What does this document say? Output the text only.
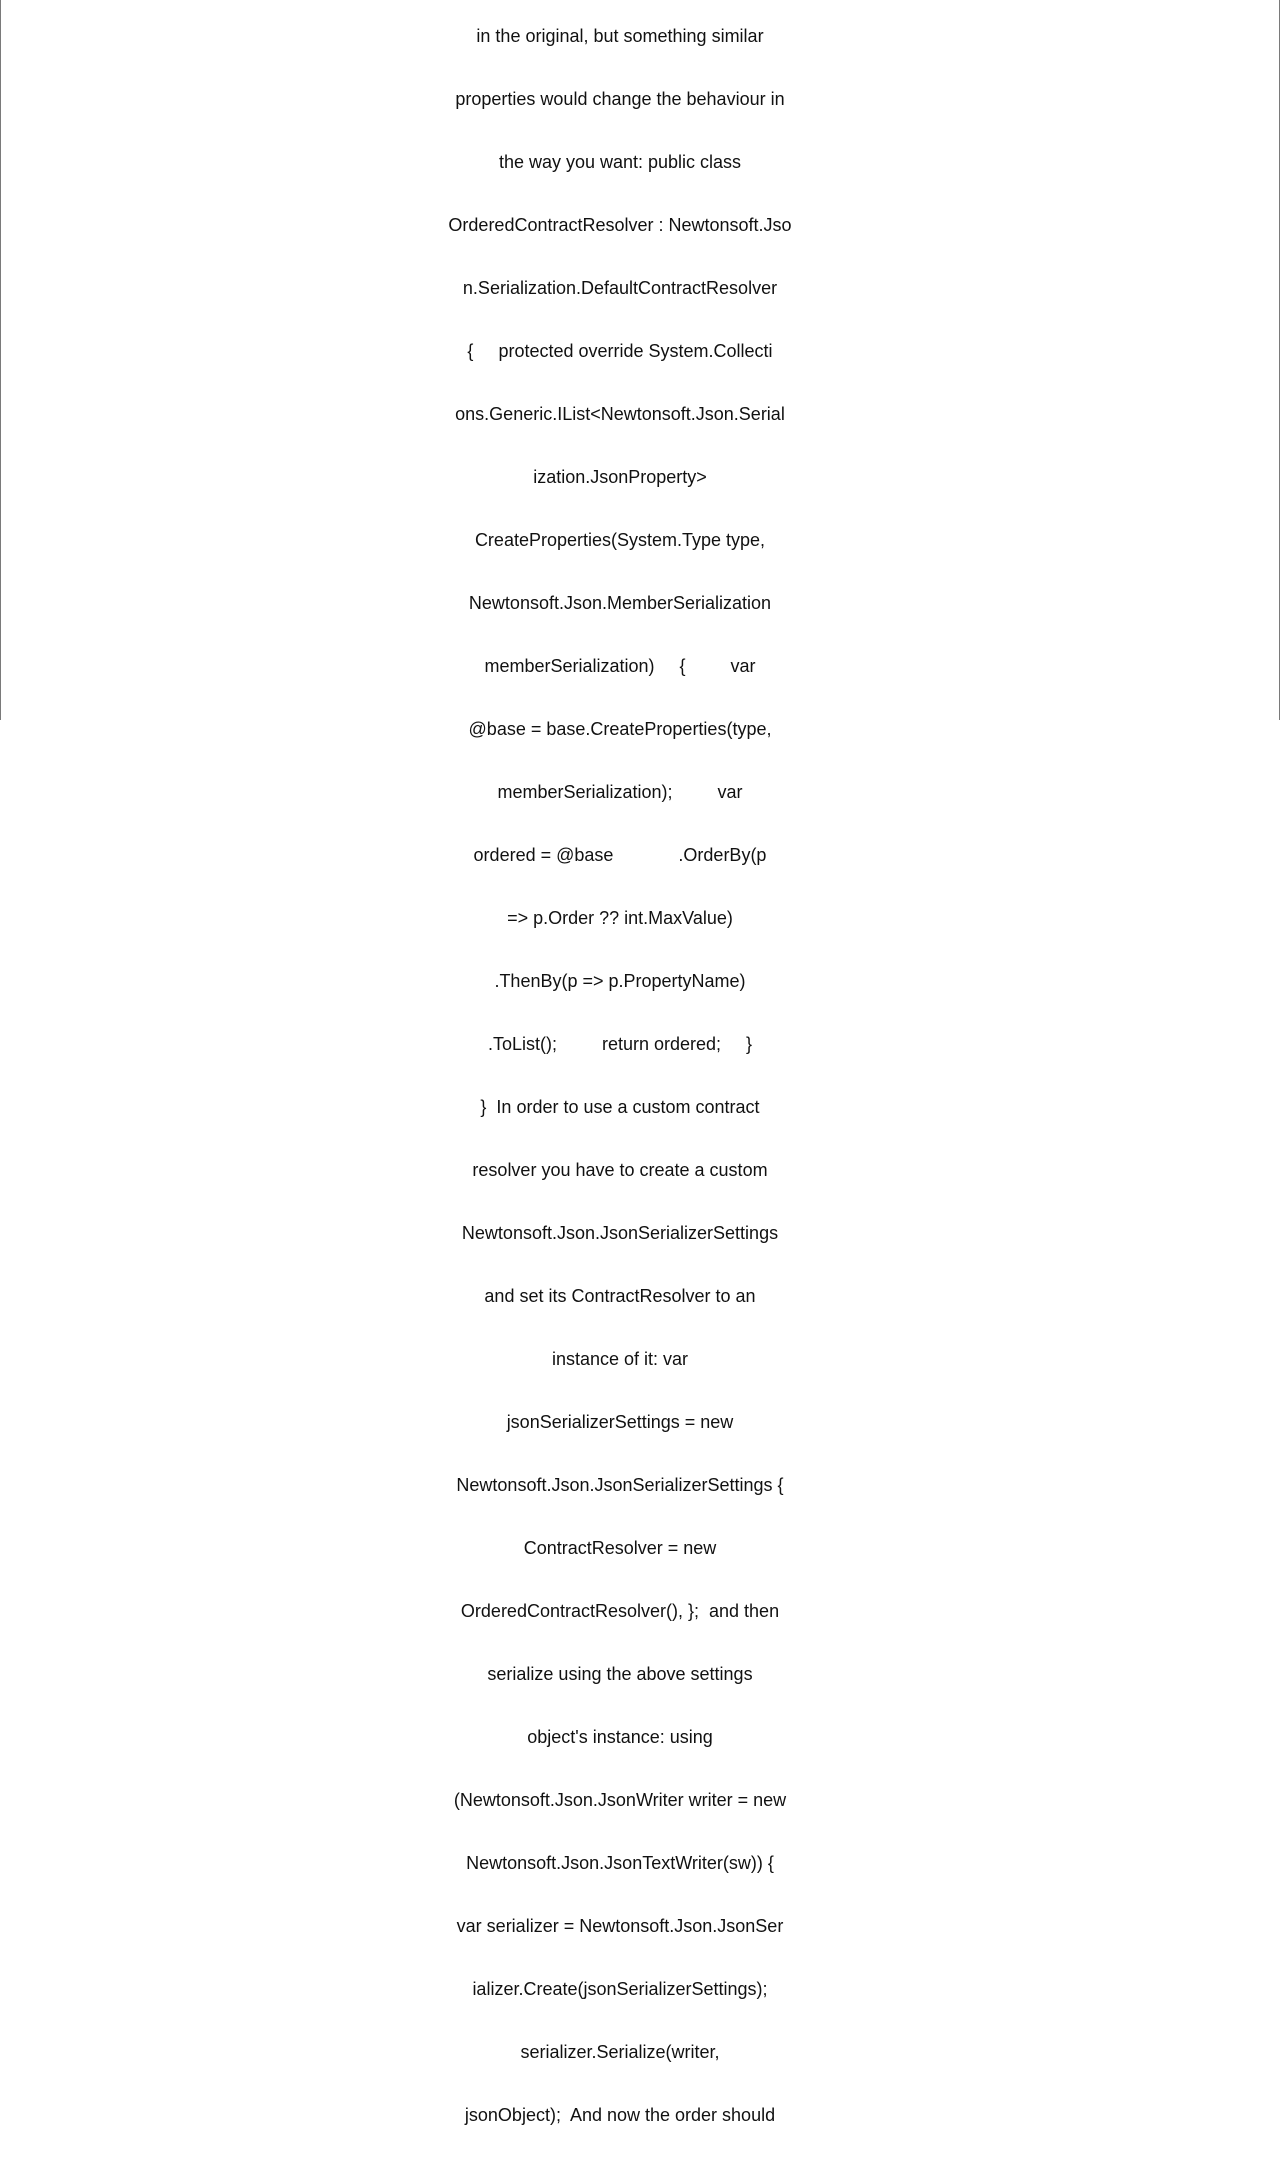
in the original, but something similar

properties would change the behaviour in

the way you want: public class

OrderedContractResolver : Newtonsoft.Jso

n.Serialization.DefaultContractResolver

{     protected override System.Collecti

ons.Generic.IList<Newtonsoft.Json.Serial

ization.JsonProperty>

CreateProperties(System.Type type,

Newtonsoft.Json.MemberSerialization

memberSerialization)     {         var

@base = base.CreateProperties(type,

memberSerialization);         var

ordered = @base             .OrderBy(p

=> p.Order ?? int.MaxValue)

.ThenBy(p => p.PropertyName)

.ToList();         return ordered;     }

}  In order to use a custom contract

resolver you have to create a custom

Newtonsoft.Json.JsonSerializerSettings

and set its ContractResolver to an

instance of it: var

jsonSerializerSettings = new

Newtonsoft.Json.JsonSerializerSettings {

ContractResolver = new

OrderedContractResolver(), };  and then

serialize using the above settings

object's instance: using

(Newtonsoft.Json.JsonWriter writer = new

Newtonsoft.Json.JsonTextWriter(sw)) {

var serializer = Newtonsoft.Json.JsonSer

ializer.Create(jsonSerializerSettings);

serializer.Serialize(writer,

jsonObject);  And now the order should
